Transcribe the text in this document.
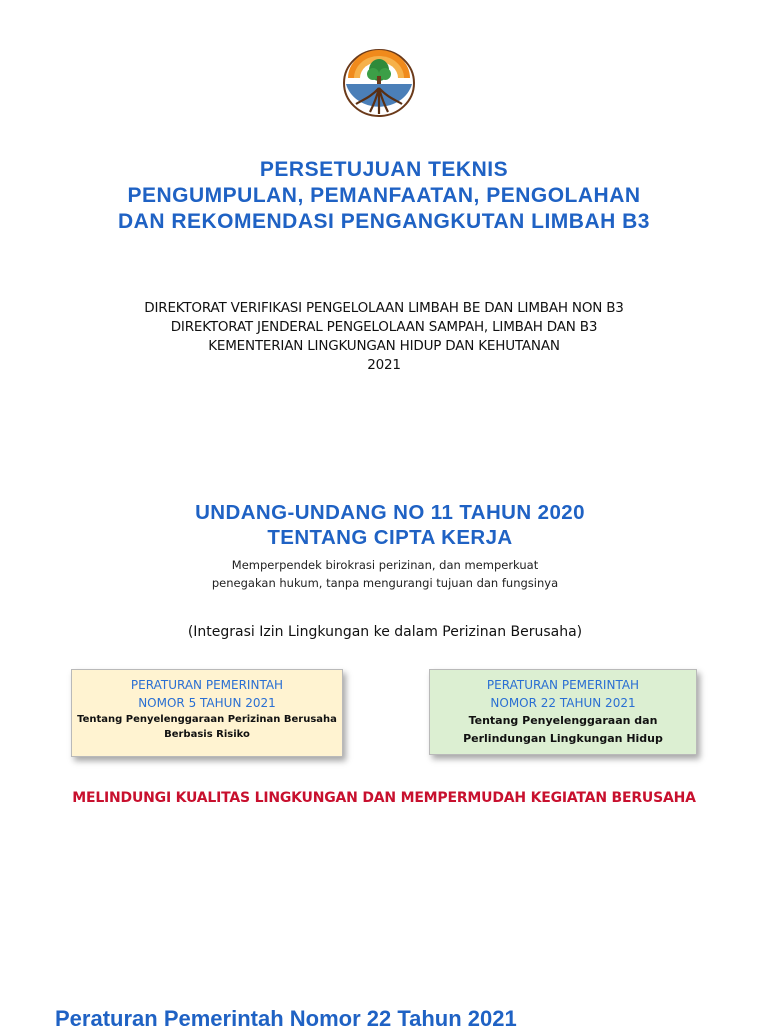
PERSETUJUAN TEKNIS

PENGUMPULAN, PEMANFAATAN, PENGOLAHAN

DAN REKOMENDASI PENGANGKUTAN LIMBAH B3

DIREKTORAT VERIFIKASI PENGELOLAAN LIMBAH BE DAN LIMBAH NON B3

DIREKTORAT JENDERAL PENGELOLAAN SAMPAH, LIMBAH DAN B3

KEMENTERIAN LINGKUNGAN HIDUP DAN KEHUTANAN

2021

UNDANG-UNDANG NO 11 TAHUN 2020

TENTANG CIPTA KERJA

Memperpendek birokrasi perizinan, dan memperkuat

penegakan hukum, tanpa mengurangi tujuan dan fungsinya

(Integrasi Izin Lingkungan ke dalam Perizinan Berusaha)

PERATURAN PEMERINTAH

NOMOR 5 TAHUN 2021

Tentang Penyelenggaraan Perizinan Berusaha

Berbasis Risiko

PERATURAN PEMERINTAH

NOMOR 22 TAHUN 2021

Tentang Penyelenggaraan dan

Perlindungan Lingkungan Hidup

MELINDUNGI KUALITAS LINGKUNGAN DAN MEMPERMUDAH KEGIATAN BERUSAHA
Peraturan Pemerintah Nomor 22 Tahun 2021
